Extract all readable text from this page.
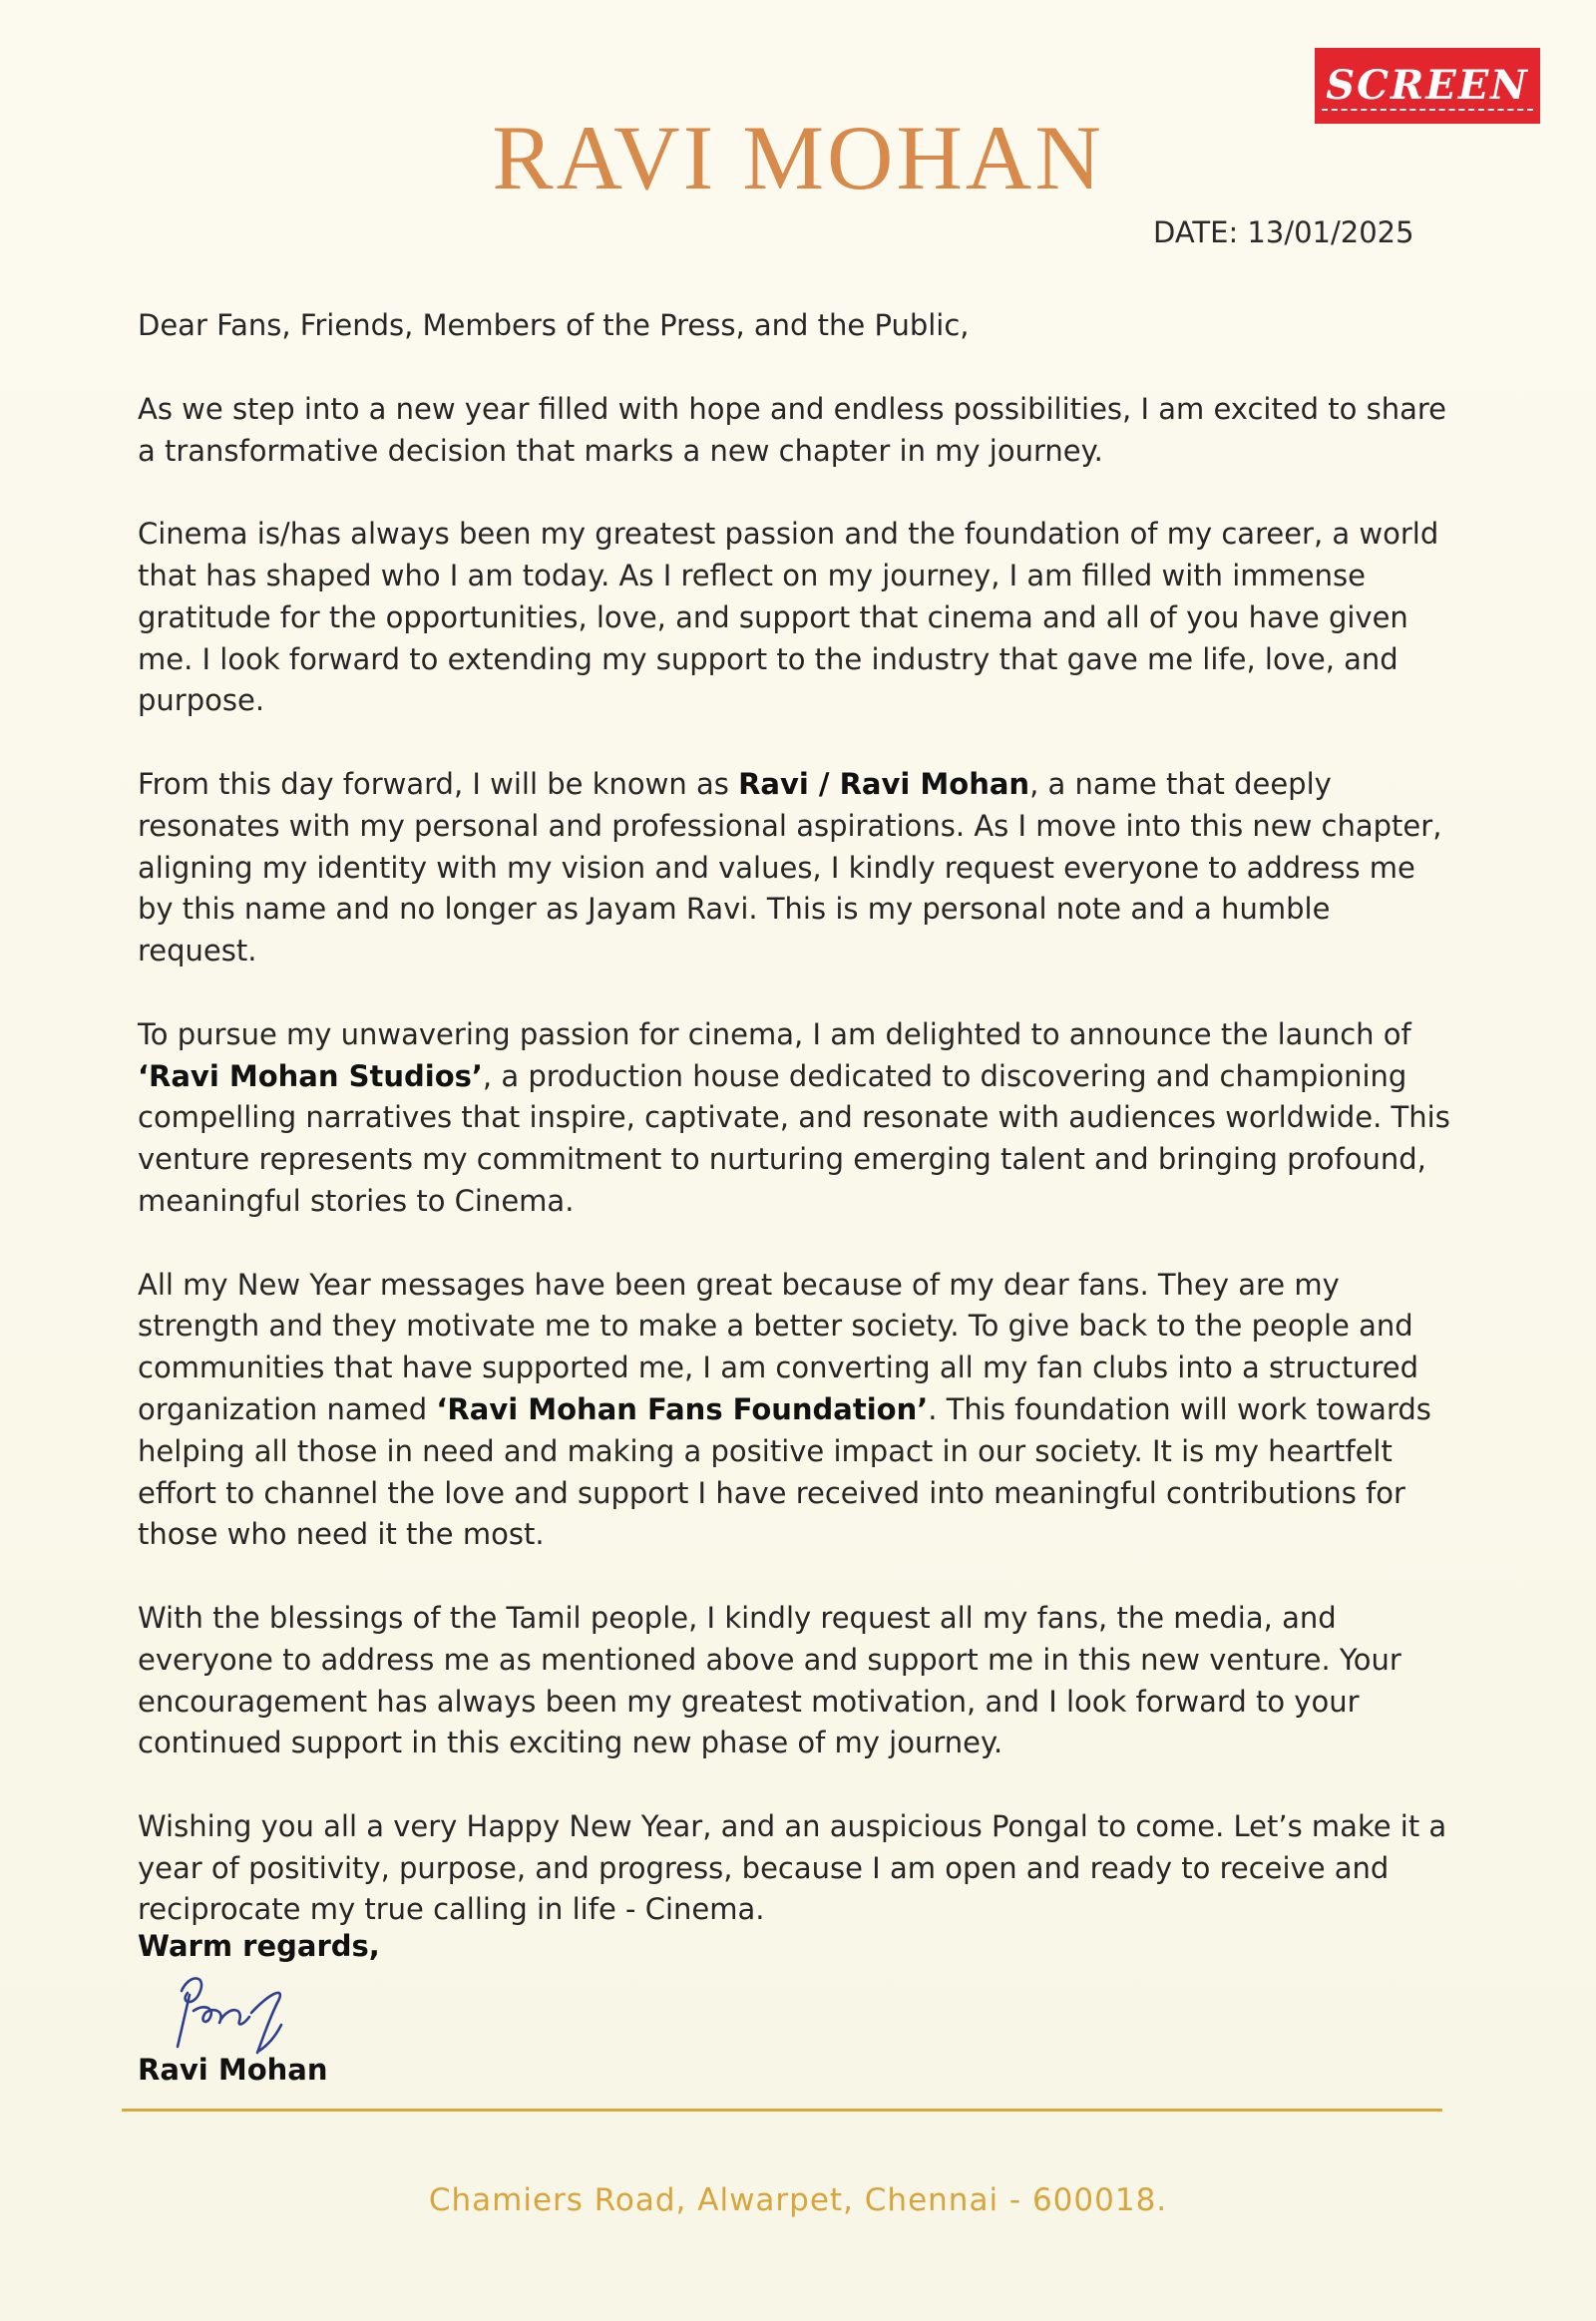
SCREEN
RAVI MOHAN
DATE: 13/01/2025

Dear Fans, Friends, Members of the Press, and the Public,

As we step into a new year filled with hope and endless possibilities, I am excited to share a transformative decision that marks a new chapter in my journey.

Cinema is/has always been my greatest passion and the foundation of my career, a world that has shaped who I am today. As I reflect on my journey, I am filled with immense gratitude for the opportunities, love, and support that cinema and all of you have given me. I look forward to extending my support to the industry that gave me life, love, and purpose.

From this day forward, I will be known as Ravi / Ravi Mohan, a name that deeply resonates with my personal and professional aspirations. As I move into this new chapter, aligning my identity with my vision and values, I kindly request everyone to address me by this name and no longer as Jayam Ravi. This is my personal note and a humble request.

To pursue my unwavering passion for cinema, I am delighted to announce the launch of ‘Ravi Mohan Studios’, a production house dedicated to discovering and championing compelling narratives that inspire, captivate, and resonate with audiences worldwide. This venture represents my commitment to nurturing emerging talent and bringing profound, meaningful stories to Cinema.

All my New Year messages have been great because of my dear fans. They are my strength and they motivate me to make a better society. To give back to the people and communities that have supported me, I am converting all my fan clubs into a structured organization named ‘Ravi Mohan Fans Foundation’. This foundation will work towards helping all those in need and making a positive impact in our society. It is my heartfelt effort to channel the love and support I have received into meaningful contributions for those who need it the most.

With the blessings of the Tamil people, I kindly request all my fans, the media, and everyone to address me as mentioned above and support me in this new venture. Your encouragement has always been my greatest motivation, and I look forward to your continued support in this exciting new phase of my journey.

Wishing you all a very Happy New Year, and an auspicious Pongal to come. Let’s make it a year of positivity, purpose, and progress, because I am open and ready to receive and reciprocate my true calling in life - Cinema.

Warm regards,
Ravi Mohan
Chamiers Road, Alwarpet, Chennai - 600018.
